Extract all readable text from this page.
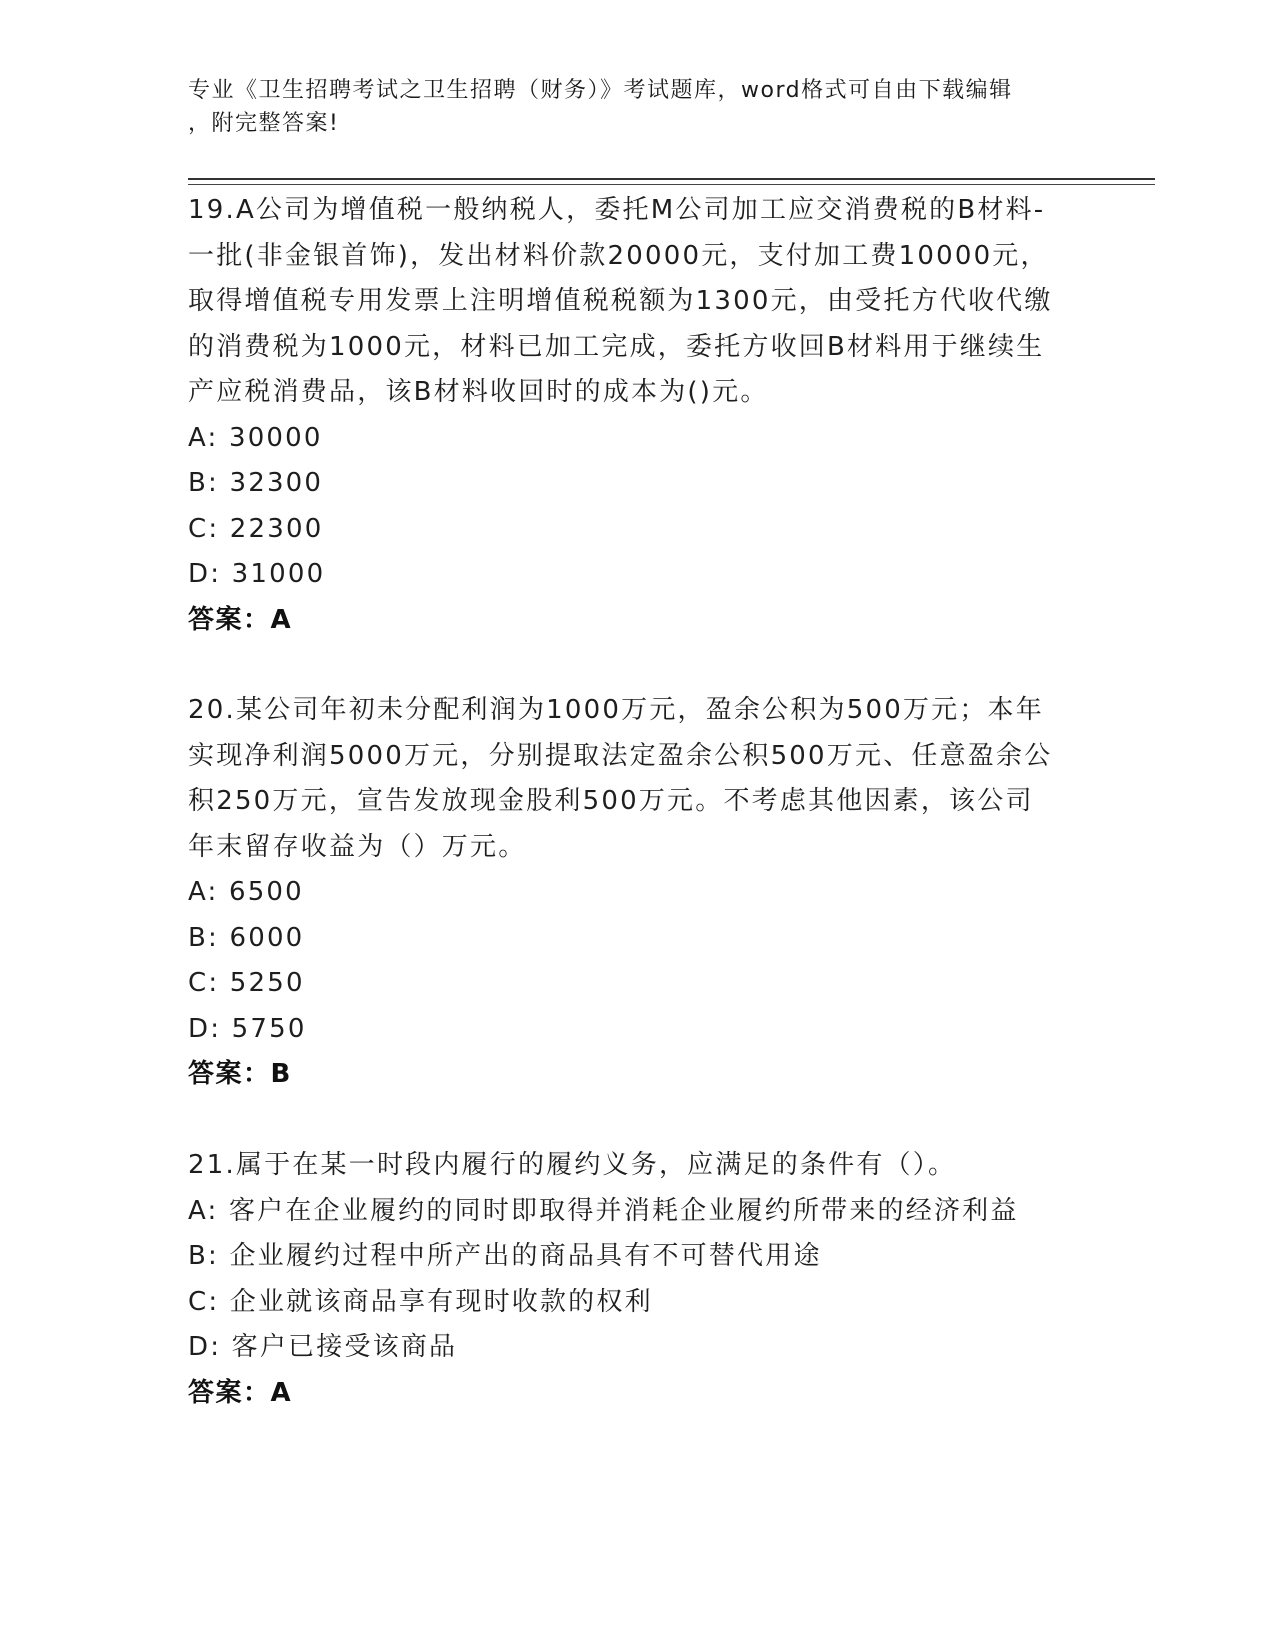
专业《卫生招聘考试之卫生招聘（财务）》考试题库，word格式可自由下载编辑
，附完整答案!
19.A公司为增值税一般纳税人，委托M公司加工应交消费税的B材料-
一批(非金银首饰)，发出材料价款20000元，支付加工费10000元，
取得增值税专用发票上注明增值税税额为1300元，由受托方代收代缴
的消费税为1000元，材料已加工完成，委托方收回B材料用于继续生
产应税消费品，该B材料收回时的成本为()元。
A: 30000
B: 32300
C: 22300
D: 31000
答案：A
20.某公司年初未分配利润为1000万元，盈余公积为500万元；本年
实现净利润5000万元，分别提取法定盈余公积500万元、任意盈余公
积250万元，宣告发放现金股利500万元。不考虑其他因素，该公司
年末留存收益为（）万元。
A: 6500
B: 6000
C: 5250
D: 5750
答案：B
21.属于在某一时段内履行的履约义务，应满足的条件有（）。
A: 客户在企业履约的同时即取得并消耗企业履约所带来的经济利益
B: 企业履约过程中所产出的商品具有不可替代用途
C: 企业就该商品享有现时收款的权利
D: 客户已接受该商品
答案：A
